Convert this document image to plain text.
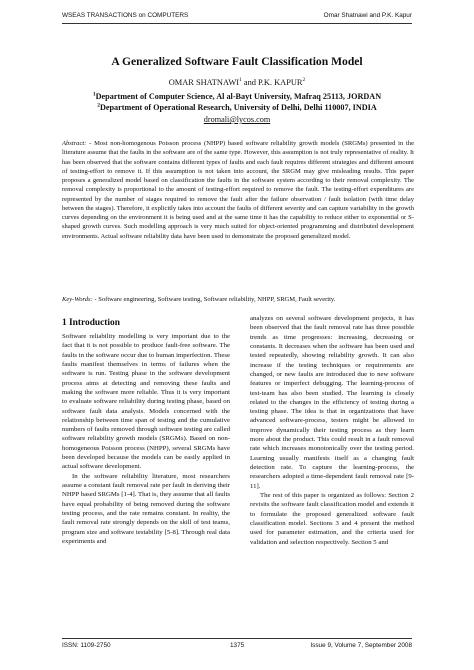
WSEAS TRANSACTIONS on COMPUTERS	Omar Shatnawi and P.K. Kapur
A Generalized Software Fault Classification Model
OMAR SHATNAWI$^1$ and P.K. KAPUR$^2$
$^1$Department of Computer Science, Al al-Bayt University, Mafraq 25113, JORDAN
$^2$Department of Operational Research, University of Delhi, Delhi 110007, INDIA
dromali@lycos.com
Abstract: - Most non-homogenous Poisson process (NHPP) based software reliability growth models (SRGMs) presented in the literature assume that the faults in the software are of the same type. However, this assumption is not truly representative of reality. It has been observed that the software contains different types of faults and each fault requires different strategies and different amount of testing-effort to remove it. If this assumption is not taken into account, the SRGM may give misleading results. This paper proposes a generalized model based on classification the faults in the software system according to their removal complexity. The removal complexity is proportional to the amount of testing-effort required to remove the fault. The testing-effort expenditures are represented by the number of stages required to remove the fault after the failure observation / fault isolation (with time delay between the stages). Therefore, it explicitly takes into account the faults of different severity and can capture variability in the growth curves depending on the environment it is being used and at the same time it has the capability to reduce either to exponential or S-shaped growth curves. Such modelling approach is very much suited for object-oriented programming and distributed development environments. Actual software reliability data have been used to demonstrate the proposed generalized model.
Key-Words: - Software engineering, Software testing, Software reliability, NHPP, SRGM, Fault severity.
1 Introduction

Software reliability modelling is very important due to the fact that it is not possible to produce fault-free software. The faults in the software occur due to human imperfection. These faults manifest themselves in terms of failures when the software is run. Testing phase in the software development process aims at detecting and removing these faults and making the software more reliable. Thus it is very important to evaluate software reliability during testing phase, based on software fault data analysis. Models concerned with the relationship between time span of testing and the cumulative numbers of faults removed through software testing are called software reliability growth models (SRGMs). Based on non-homogeneous Poisson process (NHPP), several SRGMs have been developed because the models can be easily applied in actual software development.

In the software reliability literature, most researchers assume a constant fault removal rate per fault in deriving their NHPP based SRGMs [1-4]. That is, they assume that all faults have equal probability of being removed during the software testing process, and the rate remains constant. In reality, the fault removal rate strongly depends on the skill of test teams, program size and software testability [5-8]. Through real data experiments and

analyzes on several software development projects, it has been observed that the fault removal rate has three possible trends as time progresses: increasing, decreasing or constants. It decreases when the software has been used and tested repeatedly, showing reliability growth. It can also increase if the testing techniques or requirements are changed, or new faults are introduced due to new software features or imperfect debugging. The learning-process of test-team has also been studied. The learning is closely related to the changes in the efficiency of testing during a testing phase. The idea is that in organizations that have advanced software-process, testers might be allowed to improve dynamically their testing process as they learn more about the product. This could result in a fault removal rate which increases monotonically over the testing period. Learning usually manifests itself as a changing fault detection rate. To capture the learning-process, the researchers adopted a time-dependent fault removal rate [9-11].

The rest of this paper is organized as follows: Section 2 revisits the software fault classification model and extends it to formulate the proposed generalized software fault classification model. Sections 3 and 4 present the method used for parameter estimation, and the criteria used for validation and selection respectively. Section 5 and

ISSN: 1109-2750	1375	Issue 9, Volume 7, September 2008
